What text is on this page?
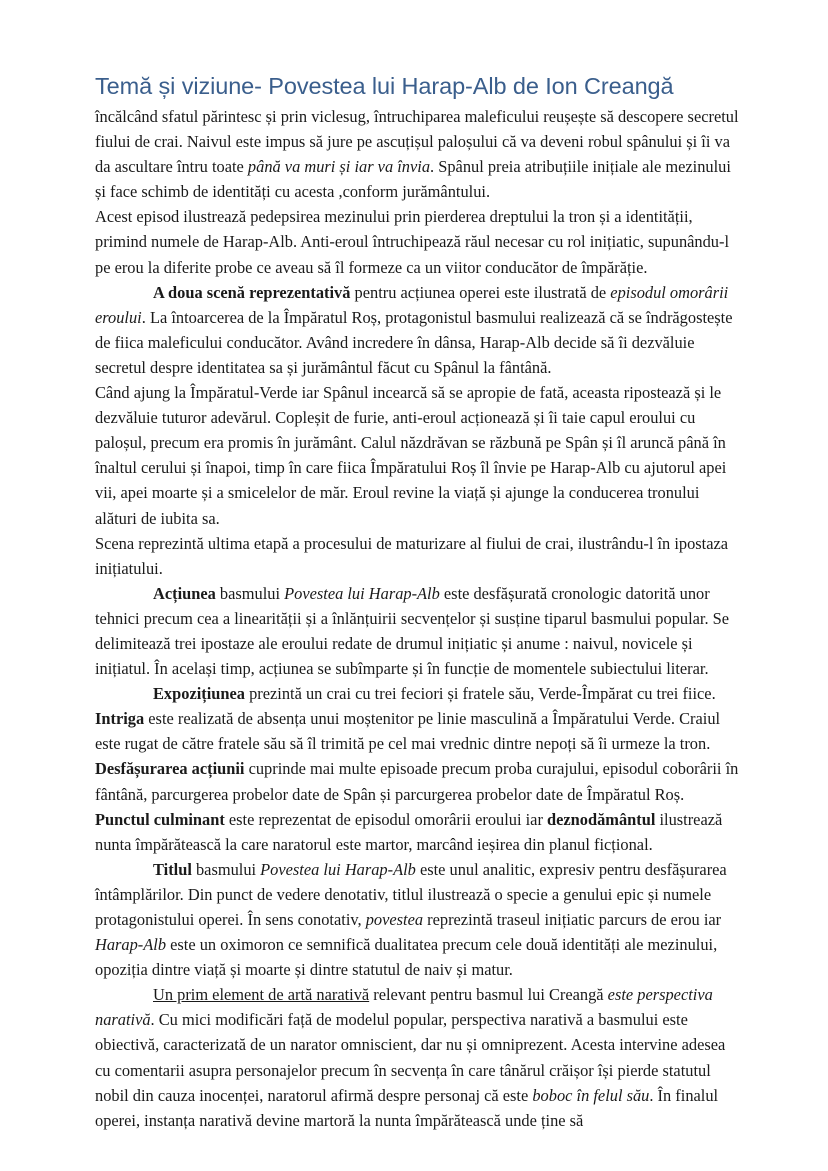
Temă și viziune- Povestea lui Harap-Alb de Ion Creangă

încălcând sfatul părintesc și prin viclesug, întruchiparea maleficului reușește să descopere secretul fiului de crai. Naivul este impus să jure pe ascuțișul paloșului că va deveni robul spânului și îi va da ascultare întru toate până va muri și iar va învia. Spânul preia atribuțiile inițiale ale mezinului și face schimb de identități cu acesta ,conform jurământului.

Acest episod ilustrează pedepsirea mezinului prin pierderea dreptului la tron și a identității, primind numele de Harap-Alb. Anti-eroul întruchipează răul necesar cu rol inițiatic, supunându-l pe erou la diferite probe ce aveau să îl formeze ca un viitor conducător de împărăție.

A doua scenă reprezentativă pentru acțiunea operei este ilustrată de episodul omorârii eroului. La întoarcerea de la Împăratul Roș, protagonistul basmului realizează că se îndrăgostește de fiica maleficului conducător. Având incredere în dânsa, Harap-Alb decide să îi dezvăluie secretul despre identitatea sa și jurământul făcut cu Spânul la fântână.

Când ajung la Împăratul-Verde iar Spânul incearcă să se apropie de fată, aceasta ripostează și le dezvăluie tuturor adevărul. Copleșit de furie, anti-eroul acționează și îi taie capul eroului cu paloșul, precum era promis în jurământ. Calul năzdrăvan se răzbună pe Spân și îl aruncă până în înaltul cerului și înapoi, timp în care fiica Împăratului Roș îl învie pe Harap-Alb cu ajutorul apei vii, apei moarte și a smicelelor de măr. Eroul revine la viață și ajunge la conducerea tronului alături de iubita sa.

Scena reprezintă ultima etapă a procesului de maturizare al fiului de crai, ilustrându-l în ipostaza inițiatului.

Acțiunea basmului Povestea lui Harap-Alb este desfășurată cronologic datorită unor tehnici precum cea a linearității și a înlănțuirii secvențelor și susține tiparul basmului popular. Se delimitează trei ipostaze ale eroului redate de drumul inițiatic și anume : naivul, novicele și inițiatul. În același timp, acțiunea se subîmparte și în funcție de momentele subiectului literar.

Expozițiunea prezintă un crai cu trei feciori și fratele său, Verde-Împărat cu trei fiice.
Intriga este realizată de absența unui moștenitor pe linie masculină a Împăratului Verde. Craiul este rugat de către fratele său să îl trimită pe cel mai vrednic dintre nepoți să îi urmeze la tron. Desfășurarea acțiunii cuprinde mai multe episoade precum proba curajului, episodul coborârii în fântână, parcurgerea probelor date de Spân și parcurgerea probelor date de Împăratul Roș. Punctul culminant este reprezentat de episodul omorârii eroului iar deznodământul ilustrează nunta împărătească la care naratorul este martor, marcând ieșirea din planul ficțional.

Titlul basmului Povestea lui Harap-Alb este unul analitic, expresiv pentru desfășurarea întâmplărilor. Din punct de vedere denotativ, titlul ilustrează o specie a genului epic și numele protagonistului operei. În sens conotativ, povestea reprezintă traseul inițiatic parcurs de erou iar Harap-Alb este un oximoron ce semnifică dualitatea precum cele două identități ale mezinului, opoziția dintre viață și moarte și dintre statutul de naiv și matur.

Un prim element de artă narativă relevant pentru basmul lui Creangă este perspectiva narativă. Cu mici modificări față de modelul popular, perspectiva narativă a basmului este obiectivă, caracterizată de un narator omniscient, dar nu și omniprezent. Acesta intervine adesea cu comentarii asupra personajelor precum în secvența în care tânărul crăișor își pierde statutul nobil din cauza inocenței, naratorul afirmă despre personaj că este boboc în felul său. În finalul operei, instanța narativă devine martoră la nunta împărătească unde ține să
